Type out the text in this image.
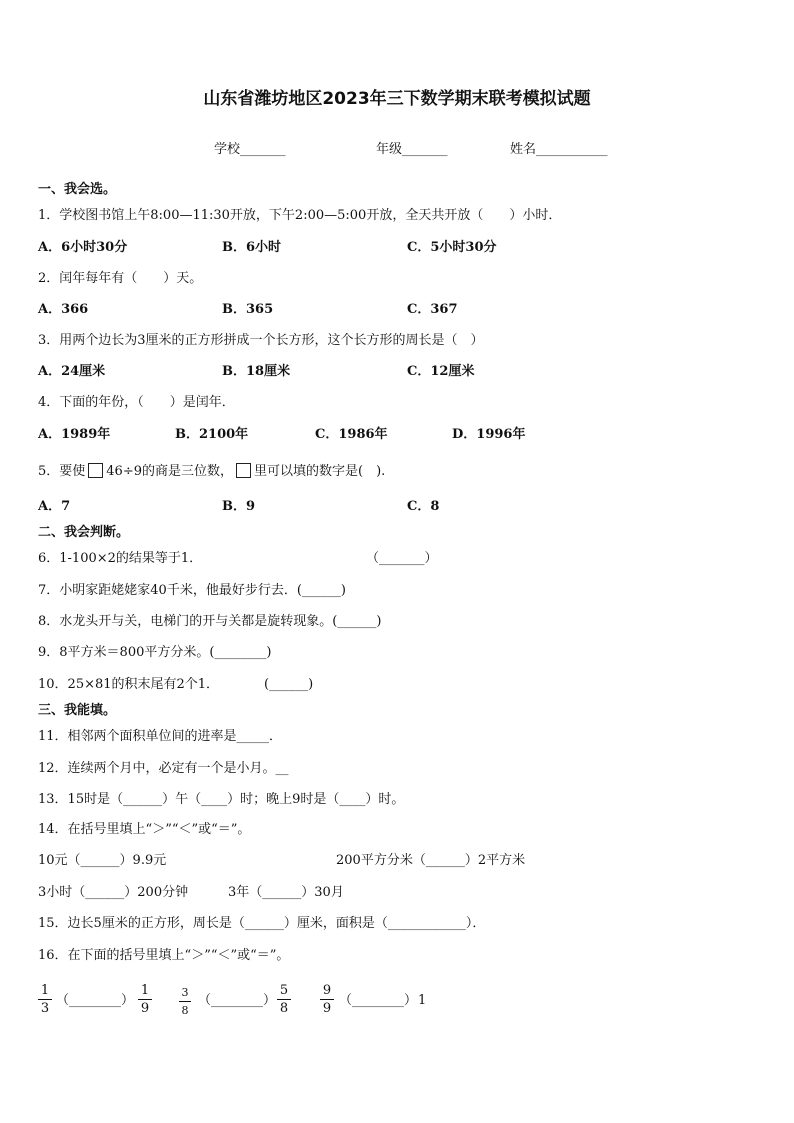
山东省潍坊地区2023年三下数学期末联考模拟试题
学校_______	年级_______	姓名___________
一、我会选。
1．学校图书馆上午8:00—11:30开放，下午2:00—5:00开放，全天共开放（　　）小时．
A．6小时30分	B．6小时	C．5小时30分
2．闰年每年有（　　）天。
A．366	B．365	C．367
3．用两个边长为3厘米的正方形拼成一个长方形，这个长方形的周长是（　）
A．24厘米	B．18厘米	C．12厘米
4．下面的年份，（　　）是闰年．
A．1989年	B．2100年	C．1986年	D．1996年
5．要使 46÷9的商是三位数， 里可以填的数字是(　).
A．7	B．9	C．8
二、我会判断。
6．1-100×2的结果等于1．	（_______）
7．小明家距姥姥家40千米，他最好步行去．(______)
8．水龙头开与关，电梯门的开与关都是旋转现象。(______)
9．8平方米＝800平方分米。(________)
10．25×81的积末尾有2个1．	(______)
三、我能填。
11．相邻两个面积单位间的进率是_____．
12．连续两个月中，必定有一个是小月。__
13．15时是（______）午（____）时；晚上9时是（____）时。
14．在括号里填上“＞”“＜”或“＝”。
10元（______）9.9元	200平方分米（______）2平方米
3小时（______）200分钟	3年（______）30月
15．边长5厘米的正方形，周长是（______）厘米，面积是（____________）．
16．在下面的括号里填上“＞”“＜”或“＝”。
1
3
（________）
1
9
3
8
（________）
5
8
9
9
（________） 1
